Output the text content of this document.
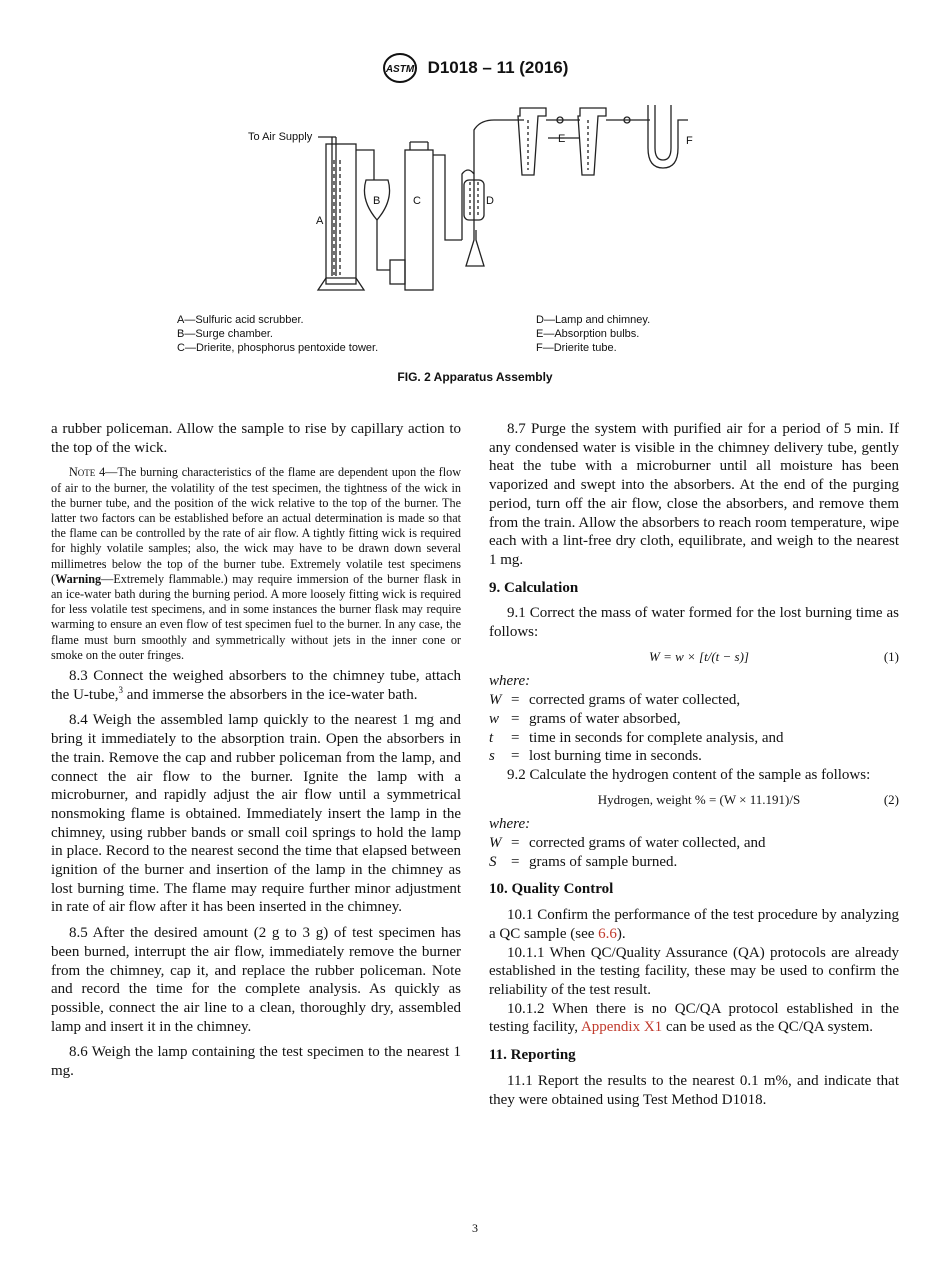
ASTM D1018 – 11 (2016)
To Air Supply
A
B	C	D
E	F
A—Sulfuric acid scrubber.
B—Surge chamber.
C—Drierite, phosphorus pentoxide tower.
D—Lamp and chimney.
E—Absorption bulbs.
F—Drierite tube.
FIG. 2 Apparatus Assembly

a rubber policeman. Allow the sample to rise by capillary action to the top of the wick.

Note 4—The burning characteristics of the flame are dependent upon the flow of air to the burner, the volatility of the test specimen, the tightness of the wick in the burner tube, and the position of the wick relative to the top of the burner. The latter two factors can be established before an actual determination is made so that the flame can be controlled by the rate of air flow. A tightly fitting wick is required for highly volatile samples; also, the wick may have to be drawn down several millimetres below the top of the burner tube. Extremely volatile test specimens (Warning—Extremely flammable.) may require immersion of the burner flask in an ice-water bath during the burning period. A more loosely fitting wick is required for less volatile test specimens, and in some instances the burner flask may require warming to ensure an even flow of test specimen fuel to the burner. In any case, the flame must burn smoothly and symmetrically without jets in the inner cone or smoke on the outer fringes.

8.3 Connect the weighed absorbers to the chimney tube, attach the U-tube,$^3$ and immerse the absorbers in the ice-water bath.

8.4 Weigh the assembled lamp quickly to the nearest 1 mg and bring it immediately to the absorption train. Open the absorbers in the train. Remove the cap and rubber policeman from the lamp, and connect the air flow to the burner. Ignite the lamp with a microburner, and rapidly adjust the air flow until a symmetrical nonsmoking flame is obtained. Immediately insert the lamp in the chimney, using rubber bands or small coil springs to hold the lamp in place. Record to the nearest second the time that elapsed between ignition of the burner and insertion of the lamp in the chimney as lost burning time. The flame may require further minor adjustment in rate of air flow after it has been inserted in the chimney.

8.5 After the desired amount (2 g to 3 g) of test specimen has been burned, interrupt the air flow, immediately remove the burner from the chimney, cap it, and replace the rubber policeman. Note and record the time for the complete analysis. As quickly as possible, connect the air line to a clean, thoroughly dry, assembled lamp and insert it in the chimney.

8.6 Weigh the lamp containing the test specimen to the nearest 1 mg.

8.7 Purge the system with purified air for a period of 5 min. If any condensed water is visible in the chimney delivery tube, gently heat the tube with a microburner until all moisture has been vaporized and swept into the absorbers. At the end of the purging period, turn off the air flow, close the absorbers, and remove them from the train. Allow the absorbers to reach room temperature, wipe each with a lint-free dry cloth, equilibrate, and weigh to the nearest 1 mg.

9. Calculation

9.1 Correct the mass of water formed for the lost burning time as follows:

W = w × [t/(t − s)]	(1)

where:

W = corrected grams of water collected,
w = grams of water absorbed,
t	= time in seconds for complete analysis, and
s	= lost burning time in seconds.

9.2 Calculate the hydrogen content of the sample as follows:

Hydrogen, weight % = (W × 11.191)/S	(2)

where:

W = corrected grams of water collected, and
S = grams of sample burned.

10. Quality Control

10.1 Confirm the performance of the test procedure by analyzing a QC sample (see 6.6).

10.1.1 When QC/Quality Assurance (QA) protocols are already established in the testing facility, these may be used to confirm the reliability of the test result.

10.1.2 When there is no QC/QA protocol established in the testing facility, Appendix X1 can be used as the QC/QA system.

11. Reporting

11.1 Report the results to the nearest 0.1 m%, and indicate that they were obtained using Test Method D1018.

3
